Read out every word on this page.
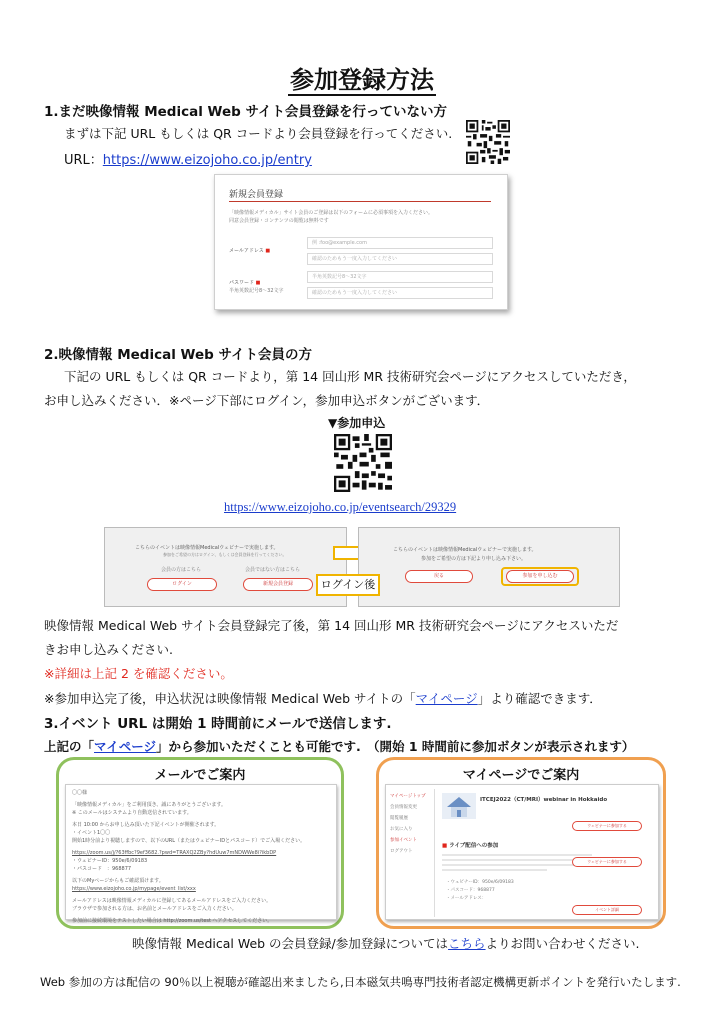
参加登録方法
1.まだ映像情報 Medical Web サイト会員登録を行っていない方
まずは下記 URL もしくは QR コードより会員登録を行ってください.
URL：https://www.eizojoho.co.jp/entry
新規会員登録
「映像情報メディカル」サイト会員のご登録は以下のフォームに必須事項を入力ください。
同意会員登録・コンテンツの閲覧は無料です
メールアドレス ■
例 :foo@example.com
確認のためもう一度入力してください
パスワード ■
半角英数記号8～32文字
半角英数記号8～32文字
確認のためもう一度入力してください
2.映像情報 Medical Web サイト会員の方
下記の URL もしくは QR コードより，第 14 回山形 MR 技術研究会ページにアクセスしていただき，
お申し込みください．※ページ下部にログイン，参加申込ボタンがございます．
▼参加申込
https://www.eizojoho.co.jp/eventsearch/29329
こちらのイベントは映像情報Medicalウェビナーで実施します。
参加をご希望の方はログイン、もしくは会員登録を行ってください。
会員の方はこちら	会員ではない方はこちら
ログイン	新規会員登録
こちらのイベントは映像情報Medicalウェビナーで実施します。
参加をご希望の方は下記より申し込み下さい。
戻る	参加を申し込む
ログイン後
映像情報 Medical Web サイト会員登録完了後，第 14 回山形 MR 技術研究会ページにアクセスいただ
きお申し込みください.
※詳細は上記 2 を確認ください。
※参加申込完了後，申込状況は映像情報 Medical Web サイトの「マイページ」より確認できます．
3.イベント URL は開始 1 時間前にメールで送信します.
上記の「マイページ」から参加いただくことも可能です.　（開始 1 時間前に参加ボタンが表示されます）
メールでご案内
〇〇様
「映像情報メディカル」をご利用頂き、誠にありがとうございます。
※ このメールはシステムより自動送信されています。
本日 10:00 からお申し込み頂いた下記イベントが開催されます。
・イベント1〇〇
開始1時分前より視聴しますので、以下のURL（またはウェビナーIDとパスコード）でご入場ください。
https://zoom.us/j/?63ffbc?9ef3682.?pwd=TRAXQ2ZBy?hdUuw7mNDWWe8i?ikbDP
・ウェビナーID：950e/6/09183
・パスコード　：968877
以下のMyページからもご確認頂けます。
https://www.eizojoho.co.jp/mypage/event_list/xxx
メールアドレスは映像情報メディカルに登録してあるメールアドレスをご入力ください。
ブラウザで参加される方は、お名前とメールアドレスをご入力ください。
参加前に接続環境をテストしたい場合は http://zoom.us/test へアクセスしてください。
マイページでご案内
マイページトップ
会員情報変更
閲覧履歴
お気に入り
参加イベント
ログアウト
ITCEJ2022（CT/MRI）webinar in Hokkaido
ウェビナーに参加する
■ ライブ配信への参加
ウェビナーに参加する
・ウェビナーID：950e/6/09183
・パスコード：968877
・メールアドレス：
イベント詳細
映像情報 Medical Web の会員登録/参加登録についてはこちらよりお問い合わせください.
Web 参加の方は配信の 90％以上視聴が確認出来ましたら,日本磁気共鳴専門技術者認定機構更新ポイントを発行いたします.
